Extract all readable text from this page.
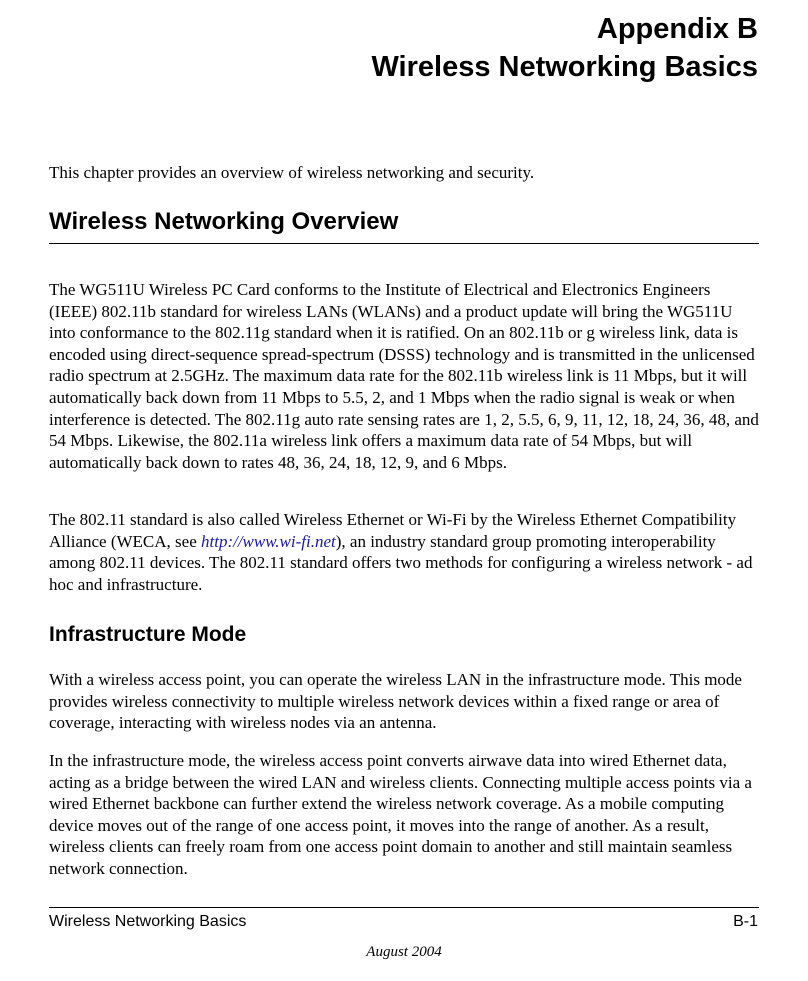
Appendix B
Wireless Networking Basics

This chapter provides an overview of wireless networking and security.

Wireless Networking Overview

The WG511U Wireless PC Card conforms to the Institute of Electrical and Electronics Engineers (IEEE) 802.11b standard for wireless LANs (WLANs) and a product update will bring the WG511U into conformance to the 802.11g standard when it is ratified. On an 802.11b or g wireless link, data is encoded using direct-sequence spread-spectrum (DSSS) technology and is transmitted in the unlicensed radio spectrum at 2.5GHz. The maximum data rate for the 802.11b wireless link is 11 Mbps, but it will automatically back down from 11 Mbps to 5.5, 2, and 1 Mbps when the radio signal is weak or when interference is detected. The 802.11g auto rate sensing rates are 1, 2, 5.5, 6, 9, 11, 12, 18, 24, 36, 48, and 54 Mbps. Likewise, the 802.11a wireless link offers a maximum data rate of 54 Mbps, but will automatically back down to rates 48, 36, 24, 18, 12, 9, and 6 Mbps.

The 802.11 standard is also called Wireless Ethernet or Wi-Fi by the Wireless Ethernet Compatibility Alliance (WECA, see http://www.wi-fi.net), an industry standard group promoting interoperability among 802.11 devices. The 802.11 standard offers two methods for configuring a wireless network - ad hoc and infrastructure.

Infrastructure Mode

With a wireless access point, you can operate the wireless LAN in the infrastructure mode. This mode provides wireless connectivity to multiple wireless network devices within a fixed range or area of coverage, interacting with wireless nodes via an antenna.

In the infrastructure mode, the wireless access point converts airwave data into wired Ethernet data, acting as a bridge between the wired LAN and wireless clients. Connecting multiple access points via a wired Ethernet backbone can further extend the wireless network coverage. As a mobile computing device moves out of the range of one access point, it moves into the range of another. As a result, wireless clients can freely roam from one access point domain to another and still maintain seamless network connection.

Wireless Networking Basics	B-1

August 2004
